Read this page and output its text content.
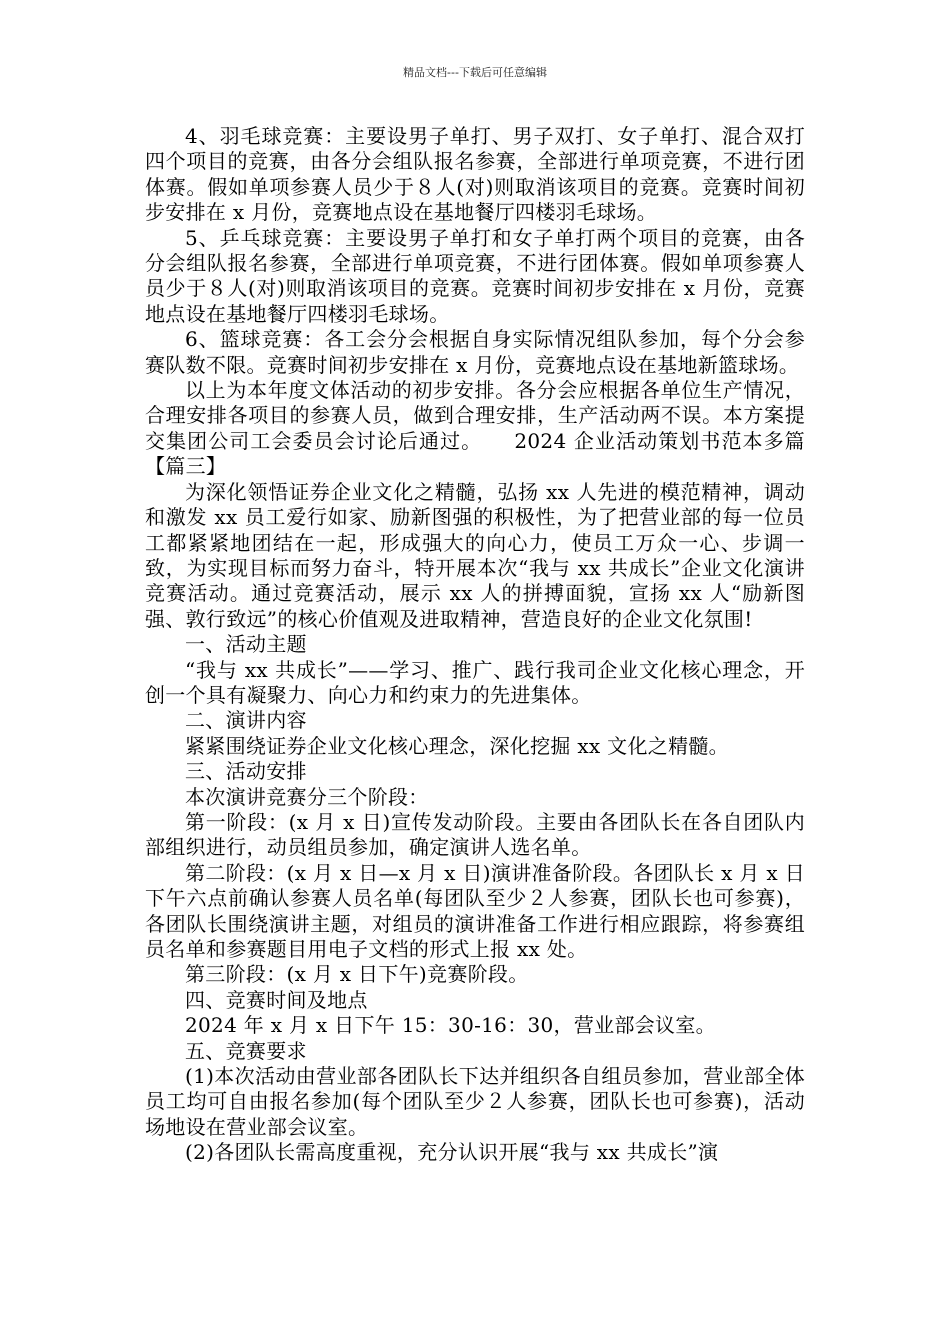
精品文档---下载后可任意编辑

4、羽毛球竞赛：主要设男子单打、男子双打、女子单打、混合双打四个项目的竞赛，由各分会组队报名参赛，全部进行单项竞赛，不进行团体赛。假如单项参赛人员少于８人(对)则取消该项目的竞赛。竞赛时间初步安排在 x 月份，竞赛地点设在基地餐厅四楼羽毛球场。

5、乒乓球竞赛：主要设男子单打和女子单打两个项目的竞赛，由各分会组队报名参赛，全部进行单项竞赛，不进行团体赛。假如单项参赛人员少于８人(对)则取消该项目的竞赛。竞赛时间初步安排在 x 月份，竞赛地点设在基地餐厅四楼羽毛球场。

6、篮球竞赛：各工会分会根据自身实际情况组队参加，每个分会参赛队数不限。竞赛时间初步安排在 x 月份，竞赛地点设在基地新篮球场。

以上为本年度文体活动的初步安排。各分会应根据各单位生产情况，合理安排各项目的参赛人员，做到合理安排，生产活动两不误。本方案提交集团公司工会委员会讨论后通过。　　2024 企业活动策划书范本多篇【篇三】

为深化领悟证券企业文化之精髓，弘扬 xx 人先进的模范精神，调动和激发 xx 员工爱行如家、励新图强的积极性，为了把营业部的每一位员工都紧紧地团结在一起，形成强大的向心力，使员工万众一心、步调一致，为实现目标而努力奋斗，特开展本次“我与 xx 共成长”企业文化演讲竞赛活动。通过竞赛活动，展示 xx 人的拼搏面貌，宣扬 xx 人“励新图强、敦行致远”的核心价值观及进取精神，营造良好的企业文化氛围!

一、活动主题

“我与 xx 共成长”——学习、推广、践行我司企业文化核心理念，开创一个具有凝聚力、向心力和约束力的先进集体。

二、演讲内容

紧紧围绕证券企业文化核心理念，深化挖掘 xx 文化之精髓。

三、活动安排

本次演讲竞赛分三个阶段：

第一阶段：(x 月 x 日)宣传发动阶段。主要由各团队长在各自团队内部组织进行，动员组员参加，确定演讲人选名单。

第二阶段：(x 月 x 日—x 月 x 日)演讲准备阶段。各团队长 x 月 x 日下午六点前确认参赛人员名单(每团队至少２人参赛，团队长也可参赛)，各团队长围绕演讲主题，对组员的演讲准备工作进行相应跟踪，将参赛组员名单和参赛题目用电子文档的形式上报 xx 处。

第三阶段：(x 月 x 日下午)竞赛阶段。

四、竞赛时间及地点

2024 年 x 月 x 日下午 15：30-16：30，营业部会议室。

五、竞赛要求

(1)本次活动由营业部各团队长下达并组织各自组员参加，营业部全体员工均可自由报名参加(每个团队至少２人参赛，团队长也可参赛)，活动场地设在营业部会议室。

(2)各团队长需高度重视，充分认识开展“我与 xx 共成长”演
